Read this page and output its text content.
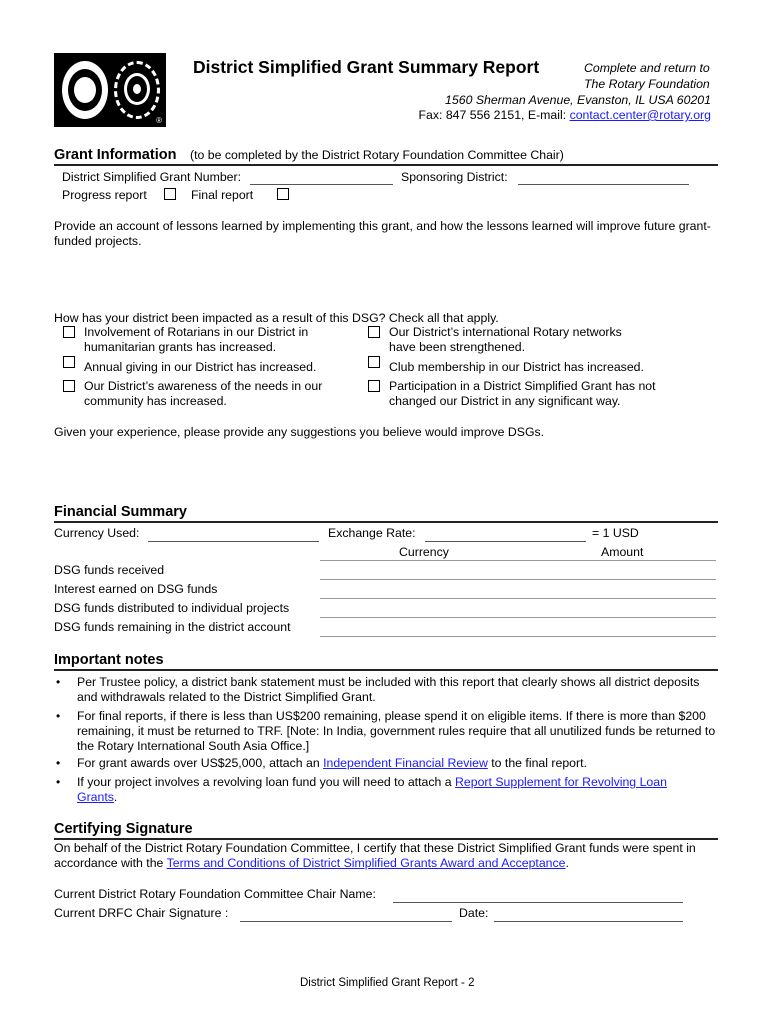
®
District Simplified Grant Summary Report	Complete and return to
The Rotary Foundation
1560 Sherman Avenue, Evanston, IL USA 60201
Fax: 847 556 2151, E-mail: contact.center@rotary.org
Grant Information (to be completed by the District Rotary Foundation Committee Chair)
District Simplified Grant Number:	Sponsoring District:
Progress report	Final report

Provide an account of lessons learned by implementing this grant, and how the lessons learned will improve future grant-funded projects.

How has your district been impacted as a result of this DSG? Check all that apply.

Involvement of Rotarians in our District in humanitarian grants has increased.

Our District’s international Rotary networks have been strengthened.

Annual giving in our District has increased.	Club membership in our District has increased.

Our District’s awareness of the needs in our community has increased.

Participation in a District Simplified Grant has not changed our District in any significant way.

Given your experience, please provide any suggestions you believe would improve DSGs.
Financial Summary
Currency Used:	Exchange Rate:	= 1 USD
Currency	Amount
DSG funds received
Interest earned on DSG funds
DSG funds distributed to individual projects
DSG funds remaining in the district account
Important notes
• Per Trustee policy, a district bank statement must be included with this report that clearly shows all district deposits and withdrawals related to the District Simplified Grant.

• For final reports, if there is less than US$200 remaining, please spend it on eligible items. If there is more than $200 remaining, it must be returned to TRF. [Note: In India, government rules require that all unutilized funds be returned to the Rotary International South Asia Office.]

• For grant awards over US$25,000, attach an Independent Financial Review to the final report.

• If your project involves a revolving loan fund you will need to attach a Report Supplement for Revolving Loan Grants.

Certifying Signature

On behalf of the District Rotary Foundation Committee, I certify that these District Simplified Grant funds were spent in accordance with the Terms and Conditions of District Simplified Grants Award and Acceptance.

Current District Rotary Foundation Committee Chair Name:
Current DRFC Chair Signature :	Date:
District Simplified Grant Report - 2
